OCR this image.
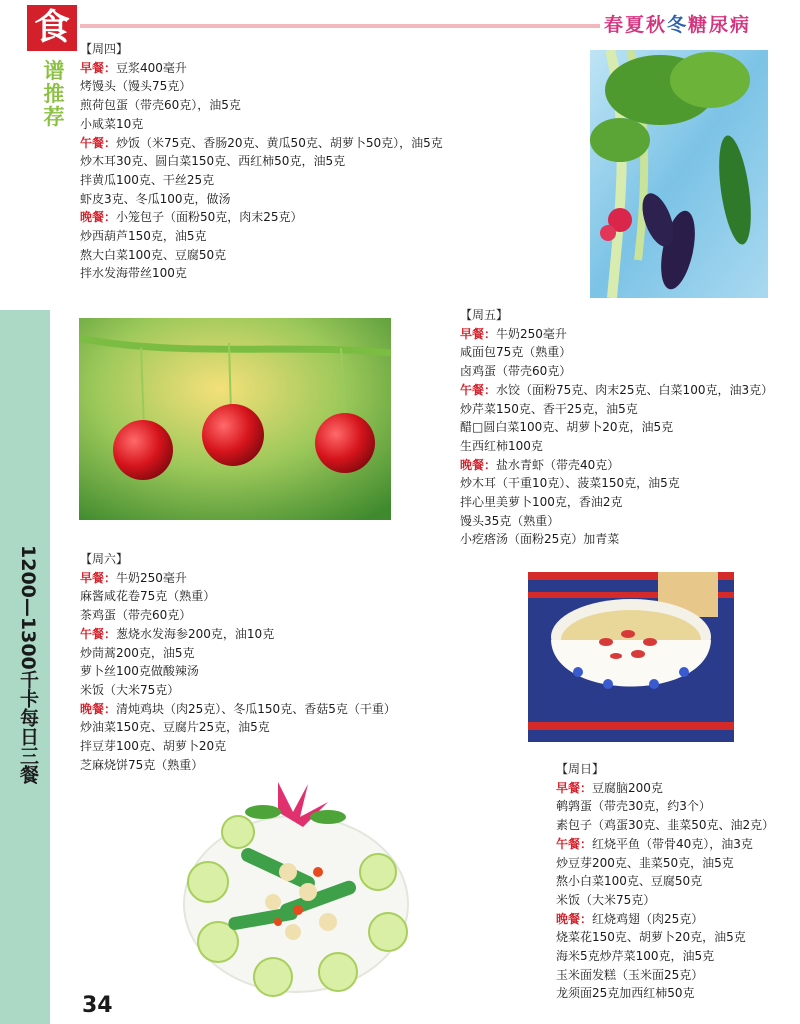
食
谱
推
荐
春夏秋冬糖尿病
1200—1300千卡每日三餐
34
【周四】
早餐：豆浆400毫升
烤馒头（馒头75克）
煎荷包蛋（带壳60克），油5克
小咸菜10克
午餐：炒饭（米75克、香肠20克、黄瓜50克、胡萝卜50克），油5克
炒木耳30克、圆白菜150克、西红柿50克，油5克
拌黄瓜100克、干丝25克
虾皮3克、冬瓜100克，做汤
晚餐：小笼包子（面粉50克，肉末25克）
炒西葫芦150克，油5克
熬大白菜100克、豆腐50克
拌水发海带丝100克
【周五】
早餐：牛奶250毫升
咸面包75克（熟重）
卤鸡蛋（带壳60克）
午餐：水饺（面粉75克、肉末25克、白菜100克，油3克）
炒芹菜150克、香干25克，油5克
醋□圆白菜100克、胡萝卜20克，油5克
生西红柿100克
晚餐：盐水青虾（带壳40克）
炒木耳（干重10克）、菠菜150克，油5克
拌心里美萝卜100克，香油2克
馒头35克（熟重）
小疙瘩汤（面粉25克）加青菜
【周六】
早餐：牛奶250毫升
麻酱咸花卷75克（熟重）
茶鸡蛋（带壳60克）
午餐：葱烧水发海参200克，油10克
炒茼蒿200克，油5克
萝卜丝100克做酸辣汤
米饭（大米75克）
晚餐：清炖鸡块（肉25克）、冬瓜150克、香菇5克（干重）
炒油菜150克、豆腐片25克，油5克
拌豆芽100克、胡萝卜20克
芝麻烧饼75克（熟重）	【周日】
早餐：豆腐脑200克
鹌鹑蛋（带壳30克，约3个）
素包子（鸡蛋30克、韭菜50克、油2克）
午餐：红烧平鱼（带骨40克），油3克
炒豆芽200克、韭菜50克，油5克
熬小白菜100克、豆腐50克
米饭（大米75克）
晚餐：红烧鸡翅（肉25克）
烧菜花150克、胡萝卜20克，油5克
海米5克炒芹菜100克，油5克
玉米面发糕（玉米面25克）
龙须面25克加西红柿50克
